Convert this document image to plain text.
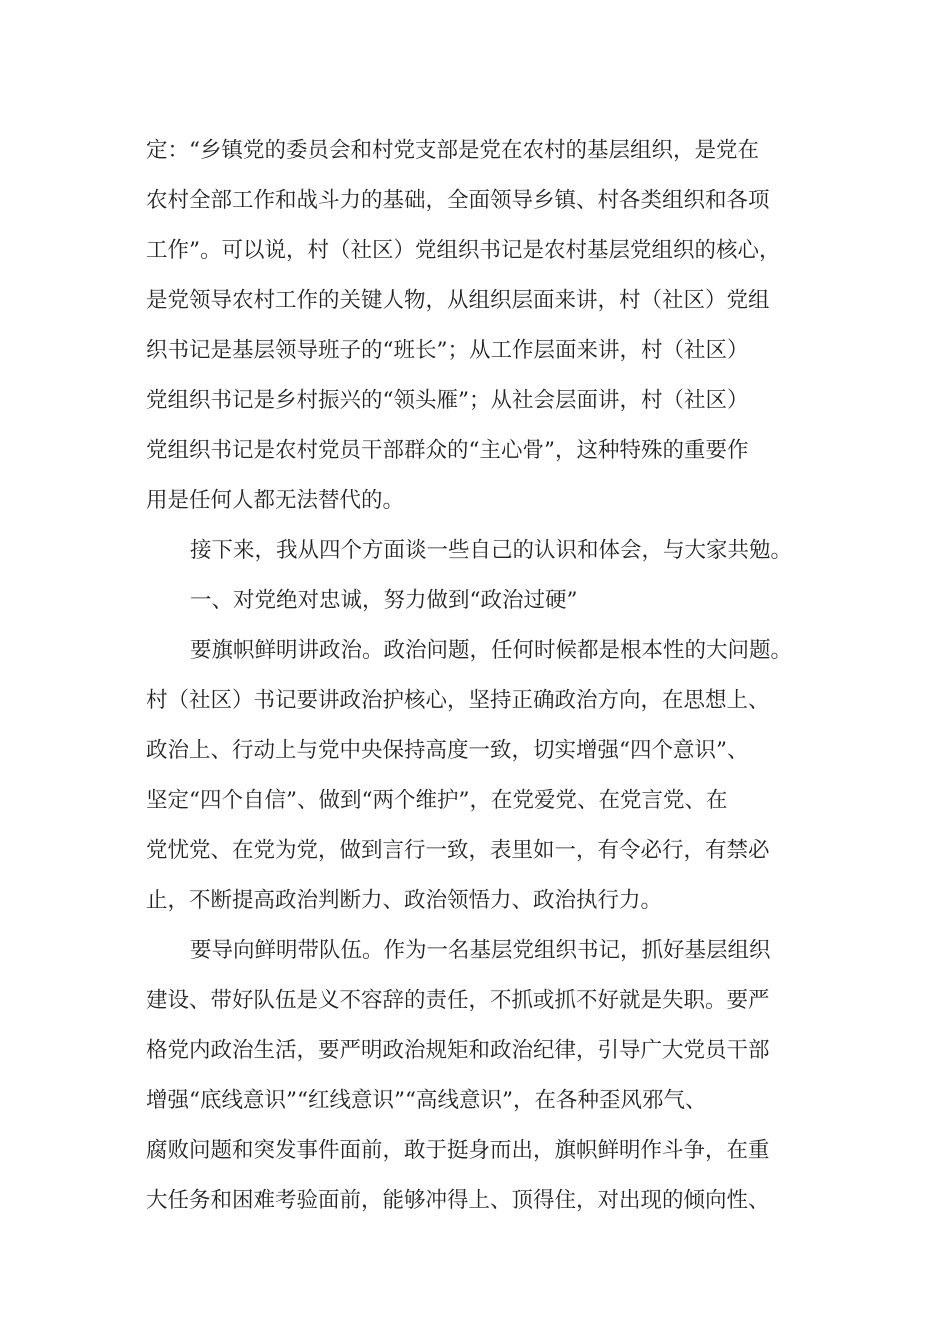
定：“乡镇党的委员会和村党支部是党在农村的基层组织，是党在
农村全部工作和战斗力的基础，全面领导乡镇、村各类组织和各项
工作”。可以说，村（社区）党组织书记是农村基层党组织的核心，
是党领导农村工作的关键人物，从组织层面来讲，村（社区）党组
织书记是基层领导班子的“班长”；从工作层面来讲，村（社区）
党组织书记是乡村振兴的“领头雁”；从社会层面讲，村（社区）
党组织书记是农村党员干部群众的“主心骨”，这种特殊的重要作
用是任何人都无法替代的。
接下来，我从四个方面谈一些自己的认识和体会，与大家共勉。
一、对党绝对忠诚，努力做到“政治过硬”
要旗帜鲜明讲政治。政治问题，任何时候都是根本性的大问题。
村（社区）书记要讲政治护核心，坚持正确政治方向，在思想上、
政治上、行动上与党中央保持高度一致，切实增强“四个意识”、
坚定“四个自信”、做到“两个维护”，在党爱党、在党言党、在
党忧党、在党为党，做到言行一致，表里如一，有令必行，有禁必
止，不断提高政治判断力、政治领悟力、政治执行力。
要导向鲜明带队伍。作为一名基层党组织书记，抓好基层组织
建设、带好队伍是义不容辞的责任，不抓或抓不好就是失职。要严
格党内政治生活，要严明政治规矩和政治纪律，引导广大党员干部
增强“底线意识”“红线意识”“高线意识”，在各种歪风邪气、
腐败问题和突发事件面前，敢于挺身而出，旗帜鲜明作斗争，在重
大任务和困难考验面前，能够冲得上、顶得住，对出现的倾向性、
